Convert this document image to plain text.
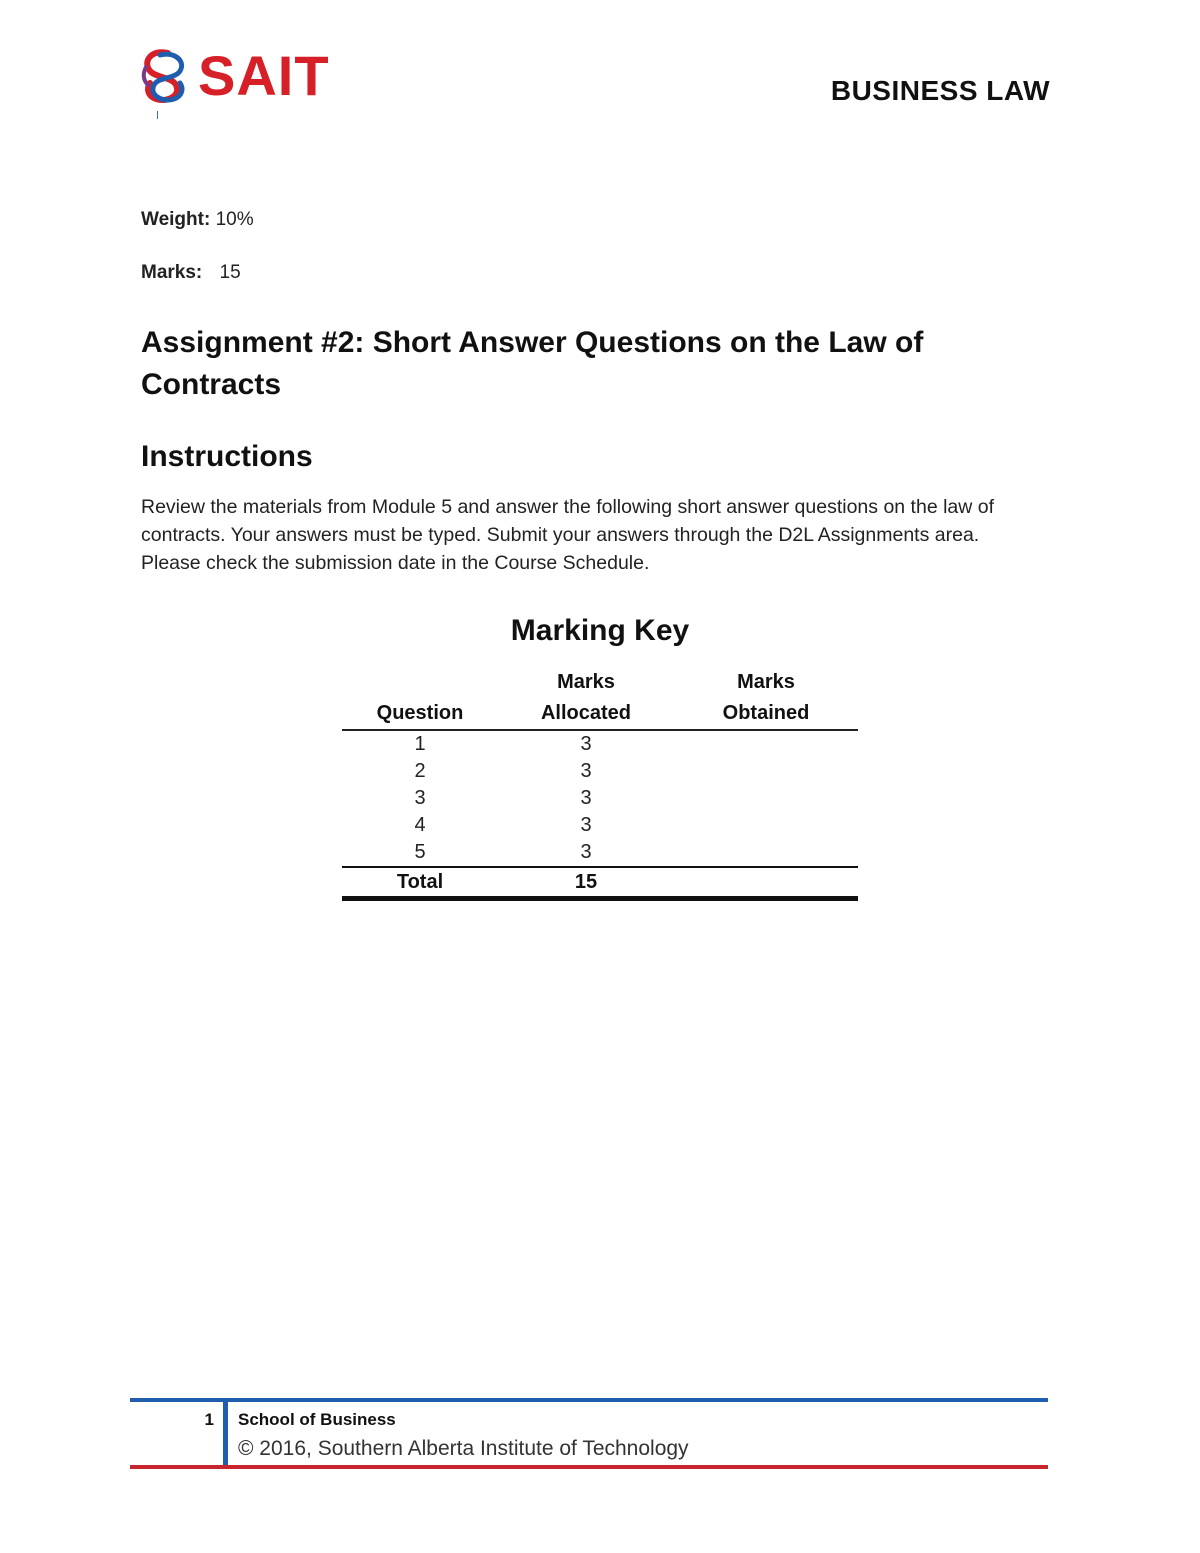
SAIT	BUSINESS LAW
Weight: 10%
Marks: 15
Assignment #2: Short Answer Questions on the Law of Contracts
Instructions
Review the materials from Module 5 and answer the following short answer questions on the law of contracts. Your answers must be typed. Submit your answers through the D2L Assignments area. Please check the submission date in the Course Schedule.
Marking Key
	Marks	Marks
Question	Allocated	Obtained
1	3	
2	3	
3	3	
4	3	
5	3	
Total	15	
1 School of Business
© 2016, Southern Alberta Institute of Technology
